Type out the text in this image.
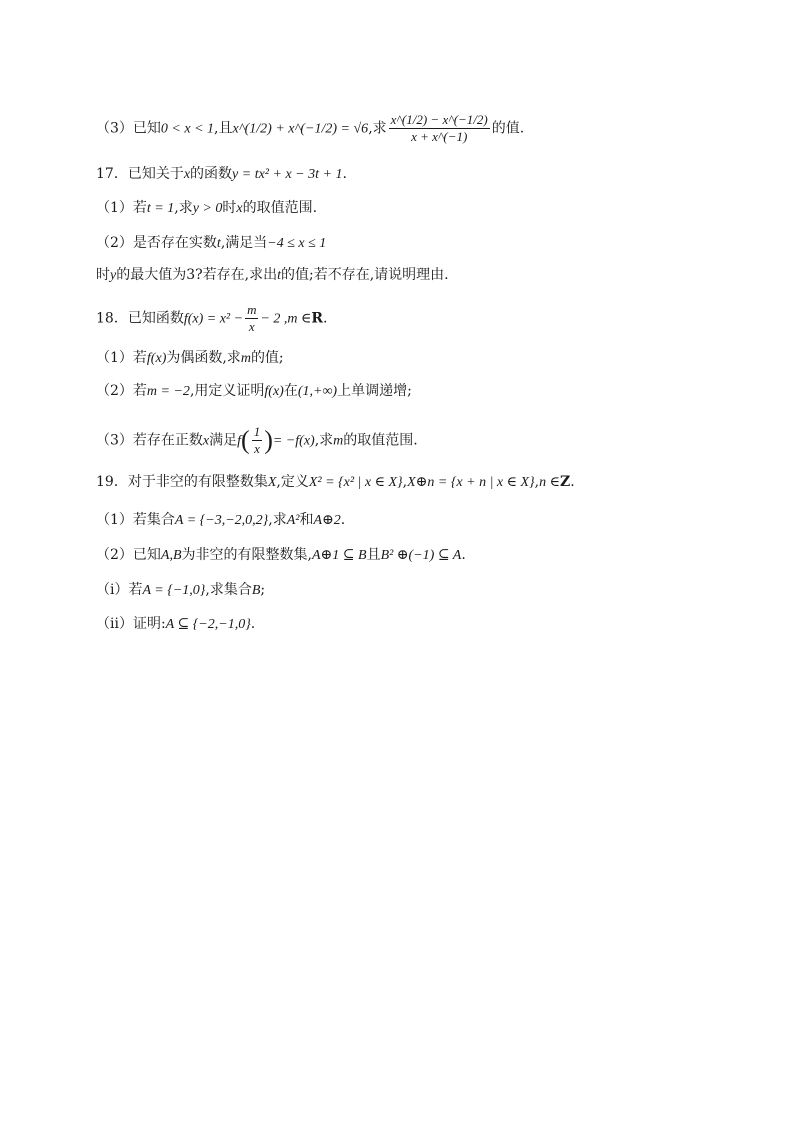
（3）已知0 < x < 1,且x^(1/2) + x^(−1/2) = √6,求 $\frac{x\^{}(1/2) - x\^{}(-1/2)}{x + x\^{}(-1)}$ 的值.
17．已知关于x的函数y = tx² + x − 3t + 1.
（1）若t = 1,求y > 0时x的取值范围.
（2）是否存在实数t,满足当−4 ≤ x ≤ 1
时y的最大值为3?若存在,求出t的值;若不存在,请说明理由.
18．已知函数$f(x) = x^2 - \frac{m}{x} - 2$ ,m ∈R.
（1）若f(x)为偶函数,求m的值;
（2）若m = −2,用定义证明f(x)在(1,+∞)上单调递增;
（3）若存在正数x满足$f( \frac{1}{x}$ )= −f(x),求m的取值范围.
19．对于非空的有限整数集X,定义X² = {x² | x ∈ X},X⊕n = {x + n | x ∈ X},n ∈Z.
（1）若集合A = {−3,−2,0,2},求A²和A⊕2.
（2）已知A,B为非空的有限整数集,A⊕1 ⊆ B且B² ⊕(−1) ⊆ A.
（ⅰ）若A = {−1,0},求集合B;
（ⅱ）证明:A ⊆ {−2,−1,0}.
